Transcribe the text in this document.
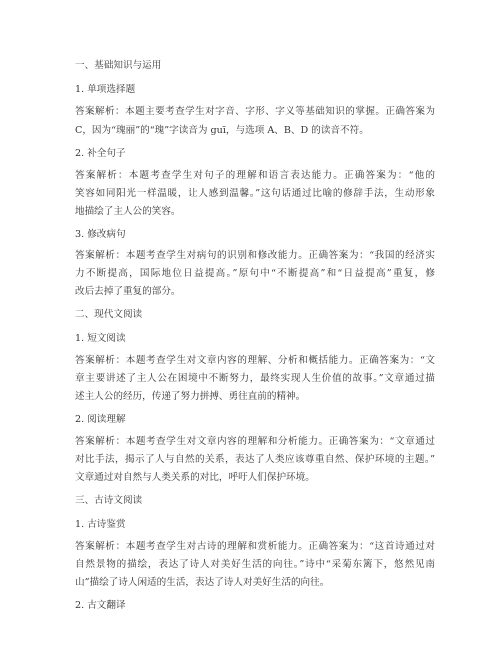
一、基础知识与运用
1. 单项选择题
答案解析：本题主要考查学生对字音、字形、字义等基础知识的掌握。正确答案为
C，因为“瑰丽”的“瑰”字读音为 guī，与选项 A、B、D 的读音不符。
2. 补全句子
答案解析：本题考查学生对句子的理解和语言表达能力。正确答案为：“他的
笑容如同阳光一样温暖，让人感到温馨。”这句话通过比喻的修辞手法，生动形象
地描绘了主人公的笑容。
3. 修改病句
答案解析：本题考查学生对病句的识别和修改能力。正确答案为：“我国的经济实
力不断提高，国际地位日益提高。”原句中“不断提高”和“日益提高”重复，修
改后去掉了重复的部分。
二、现代文阅读
1. 短文阅读
答案解析：本题考查学生对文章内容的理解、分析和概括能力。正确答案为：“文
章主要讲述了主人公在困境中不断努力，最终实现人生价值的故事。”文章通过描
述主人公的经历，传递了努力拼搏、勇往直前的精神。
2. 阅读理解
答案解析：本题考查学生对文章内容的理解和分析能力。正确答案为：“文章通过
对比手法，揭示了人与自然的关系，表达了人类应该尊重自然、保护环境的主题。”
文章通过对自然与人类关系的对比，呼吁人们保护环境。
三、古诗文阅读
1. 古诗鉴赏
答案解析：本题考查学生对古诗的理解和赏析能力。正确答案为：“这首诗通过对
自然景物的描绘，表达了诗人对美好生活的向往。”诗中“采菊东篱下，悠然见南
山”描绘了诗人闲适的生活，表达了诗人对美好生活的向往。
2. 古文翻译
